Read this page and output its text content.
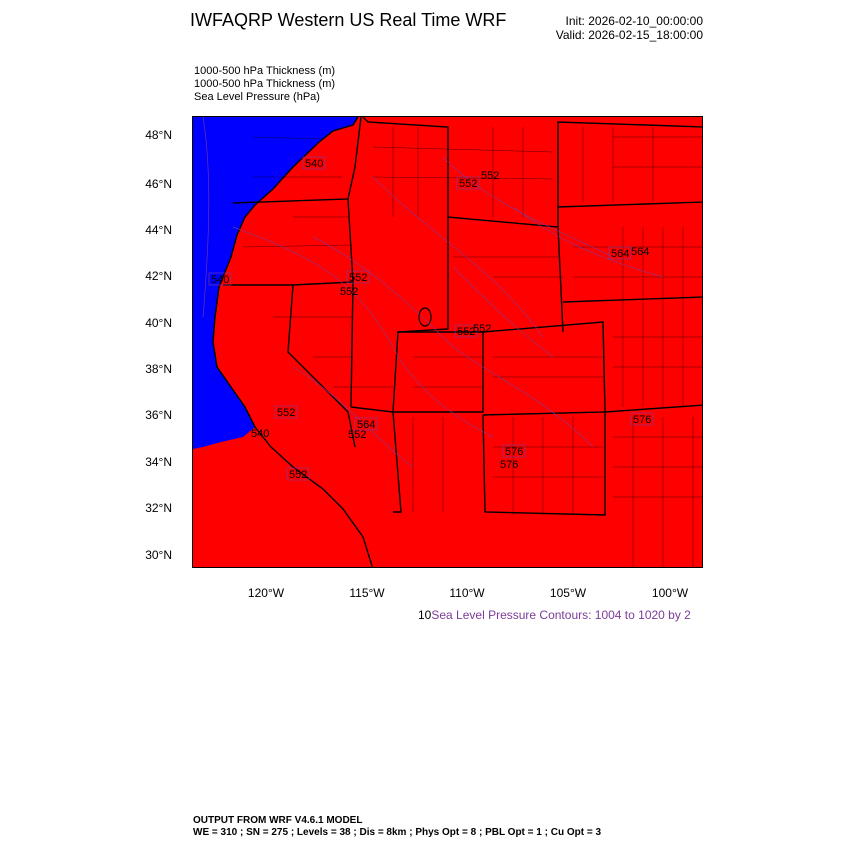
IWFAQRP Western US Real Time WRF	Init: 2026-02-10_00:00:00
Valid: 2026-02-15_18:00:00
1000-500 hPa Thickness (m)
1000-500 hPa Thickness (m)
Sea Level Pressure (hPa)
540
552
552
540	552
552
564 564
552
552
576
576
564
552
552
576
540
552
48°N
46°N
44°N
42°N
40°N
38°N
36°N
34°N
32°N
30°N
120°W	115°W	110°W	105°W	100°W
10Sea Level Pressure Contours: 1004 to 1020 by 2
OUTPUT FROM WRF V4.6.1 MODEL
WE = 310 ; SN = 275 ; Levels = 38 ; Dis = 8km ; Phys Opt = 8 ; PBL Opt = 1 ; Cu Opt = 3
